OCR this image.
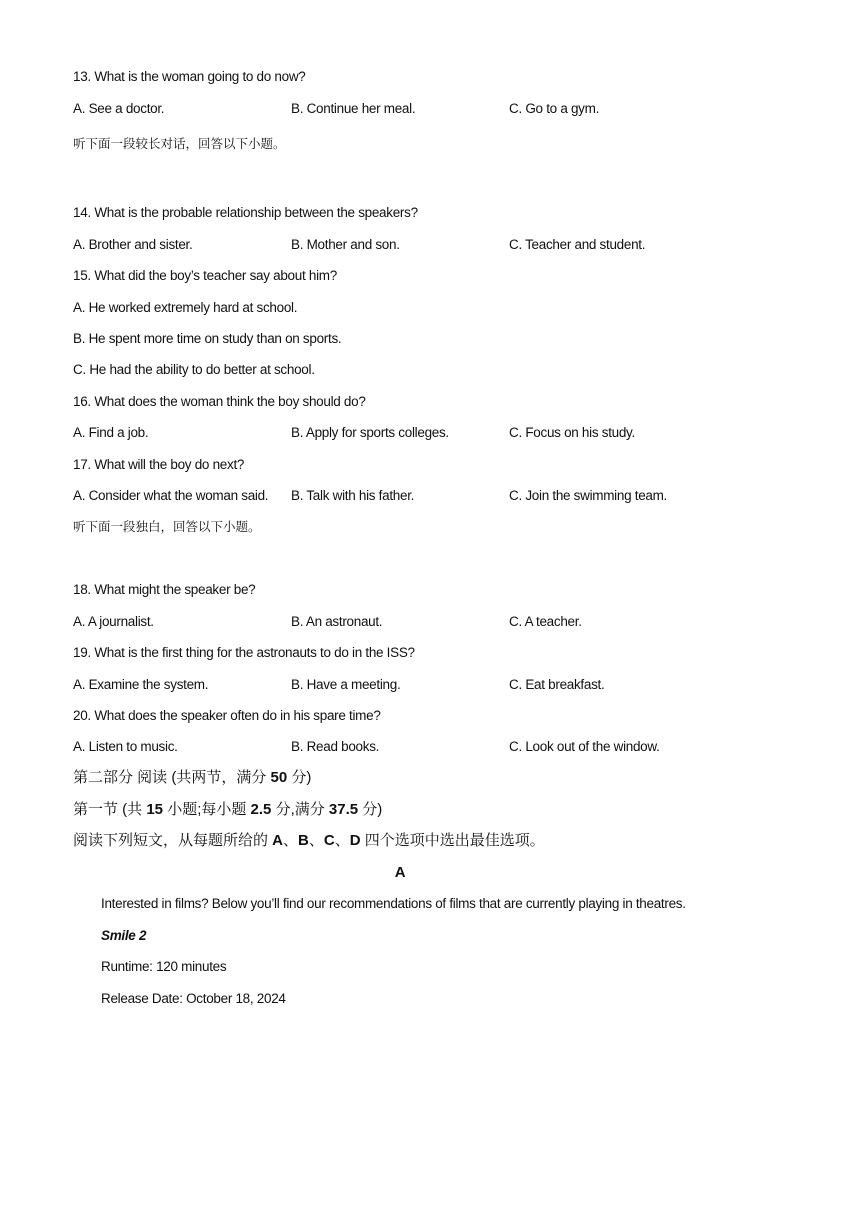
13. What is the woman going to do now?
A. See a doctor.	B. Continue her meal.	C. Go to a gym.
听下面一段较长对话，回答以下小题。
14. What is the probable relationship between the speakers?
A. Brother and sister.	B. Mother and son.	C. Teacher and student.
15. What did the boy’s teacher say about him?
A. He worked extremely hard at school.
B. He spent more time on study than on sports.
C. He had the ability to do better at school.
16. What does the woman think the boy should do?
A. Find a job.	B. Apply for sports colleges.	C. Focus on his study.
17. What will the boy do next?
A. Consider what the woman said. B. Talk with his father.	C. Join the swimming team.
听下面一段独白，回答以下小题。
18. What might the speaker be?
A. A journalist.	B. An astronaut.	C. A teacher.
19. What is the first thing for the astronauts to do in the ISS?
A. Examine the system.	B. Have a meeting.	C. Eat breakfast.
20. What does the speaker often do in his spare time?
A. Listen to music.	B. Read books.	C. Look out of the window.
第二部分 阅读 (共两节，满分 50 分)
第一节 (共 15 小题;每小题 2.5 分,满分 37.5 分)
阅读下列短文，从每题所给的 A、B、C、D 四个选项中选出最佳选项。
A
Interested in films? Below you’ll find our recommendations of films that are currently playing in theatres.
Smile 2
Runtime: 120 minutes
Release Date: October 18, 2024
